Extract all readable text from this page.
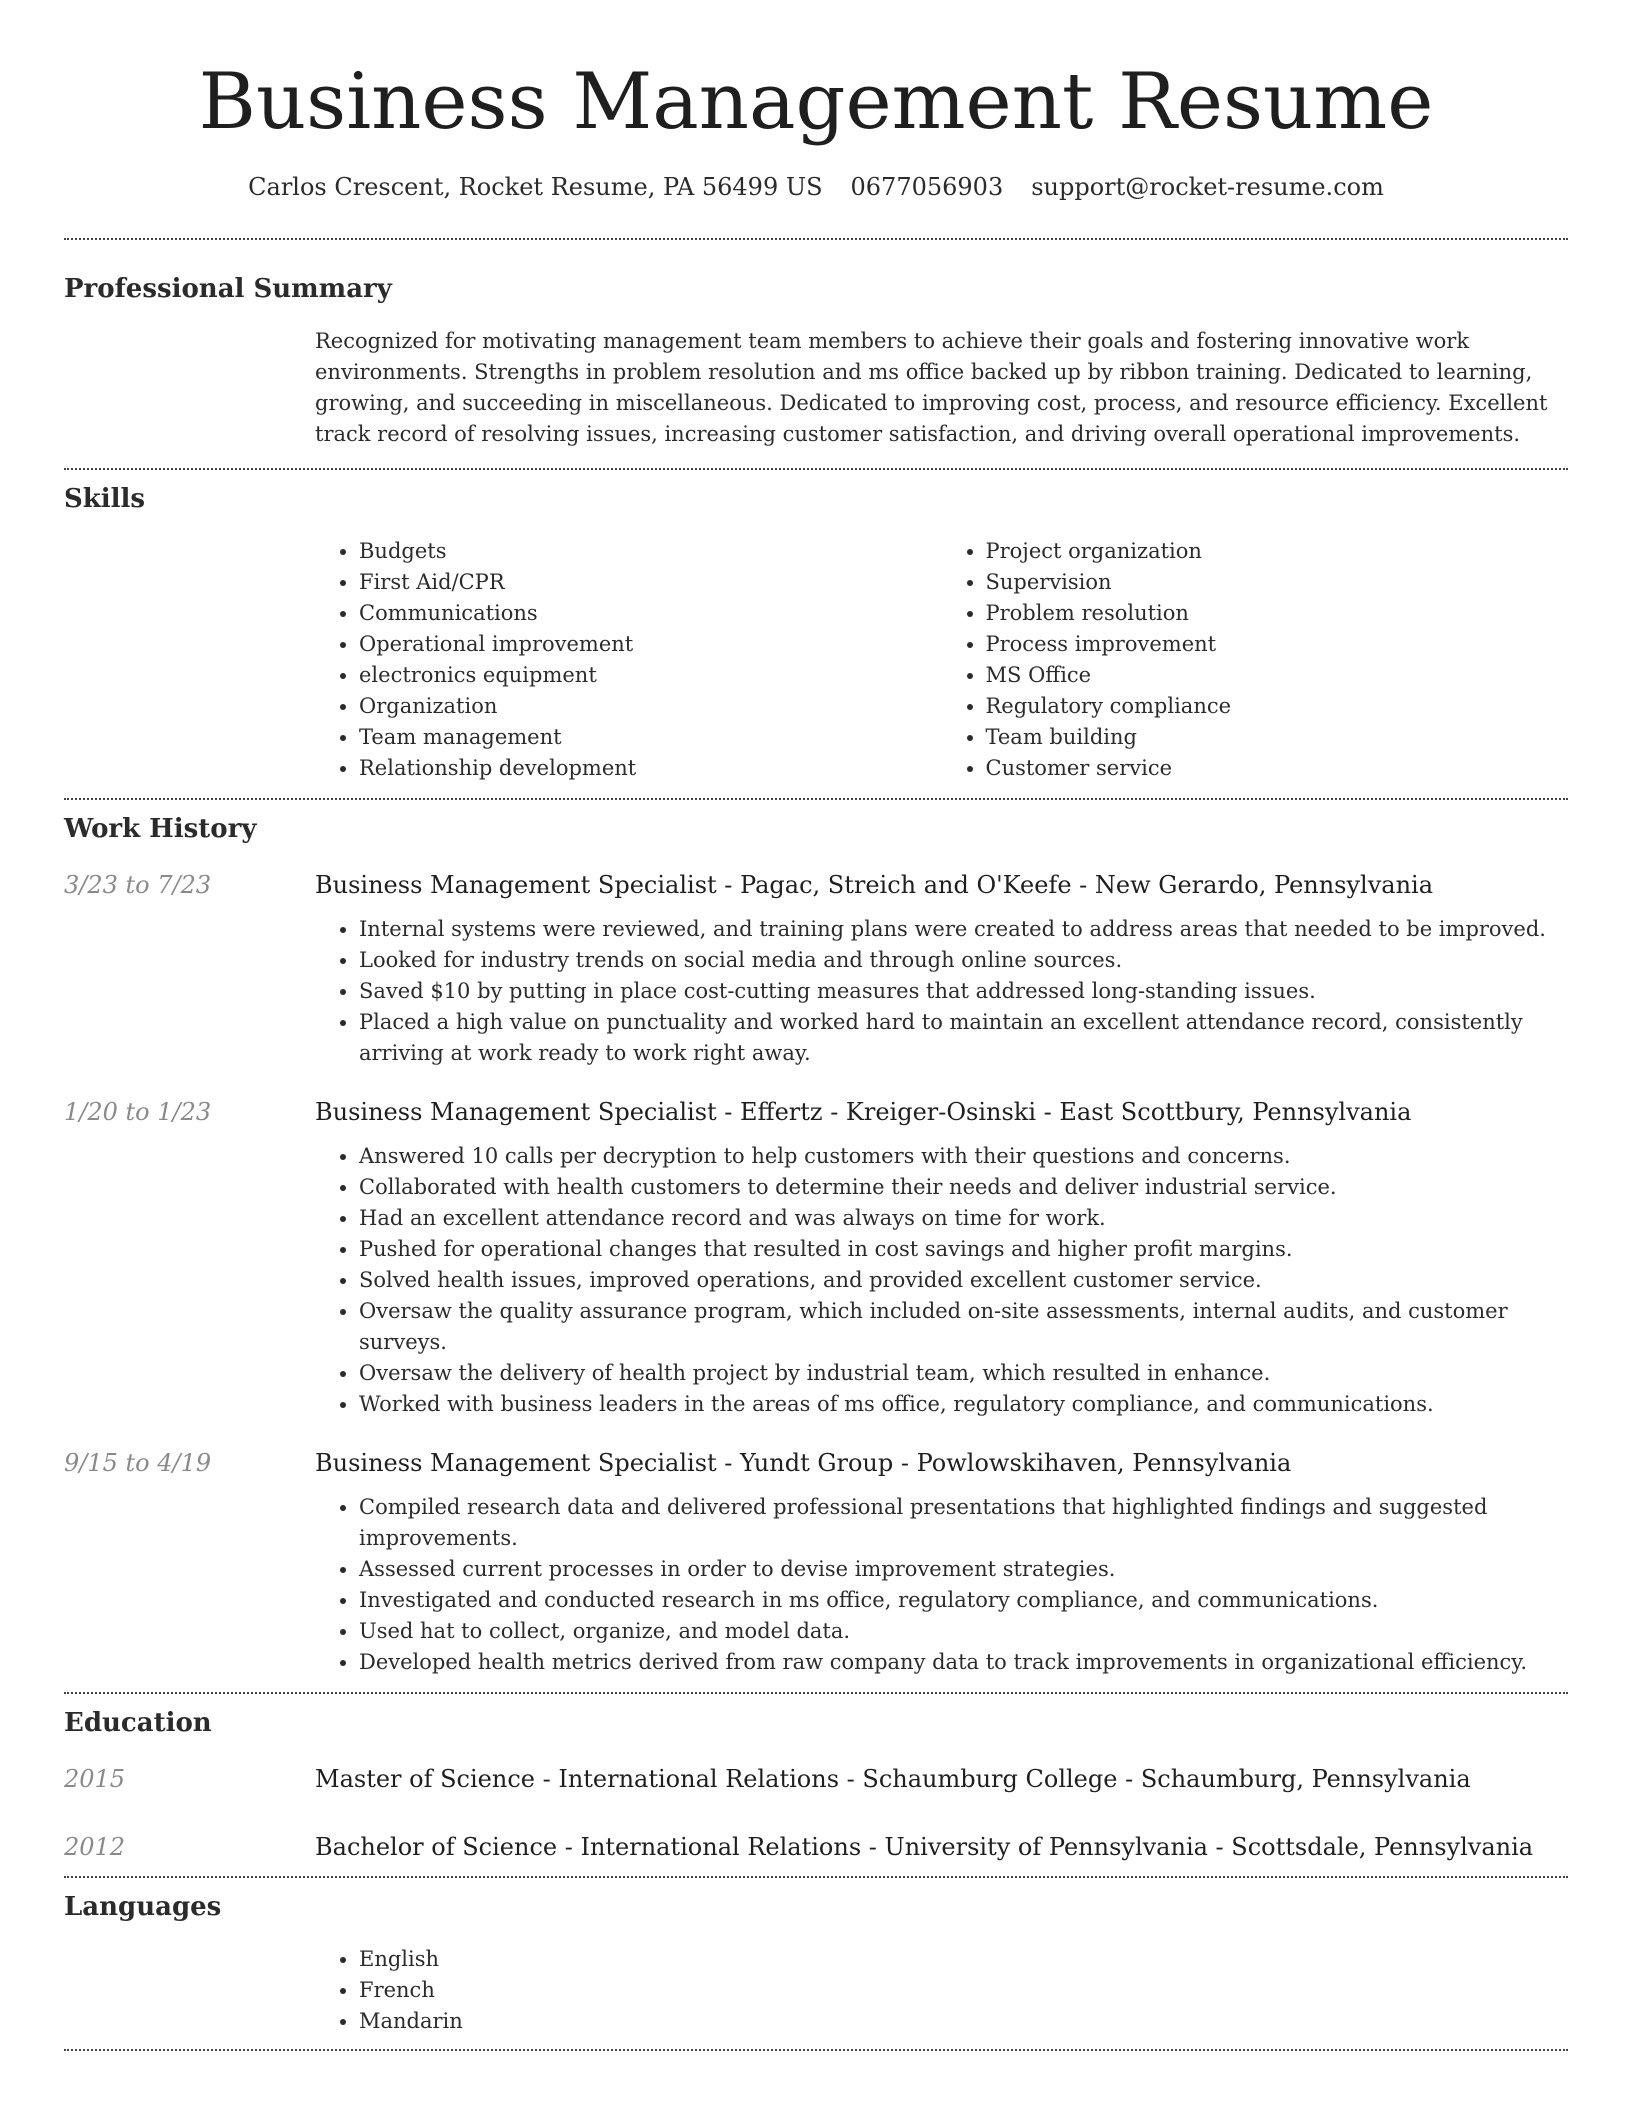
Business Management Resume
Carlos Crescent, Rocket Resume, PA 56499 US 0677056903 support@rocket-resume.com
Professional Summary
Recognized for motivating management team members to achieve their goals and fostering innovative work environments. Strengths in problem resolution and ms office backed up by ribbon training. Dedicated to learning, growing, and succeeding in miscellaneous. Dedicated to improving cost, process, and resource efficiency. Excellent track record of resolving issues, increasing customer satisfaction, and driving overall operational improvements.
Skills
• Budgets
• First Aid/CPR
• Communications
• Operational improvement
• electronics equipment
• Organization
• Team management
• Relationship development
• Project organization
• Supervision
• Problem resolution
• Process improvement
• MS Office
• Regulatory compliance
• Team building
• Customer service
Work History
3/23 to 7/23	Business Management Specialist - Pagac, Streich and O'Keefe - New Gerardo, Pennsylvania
• Internal systems were reviewed, and training plans were created to address areas that needed to be improved.
• Looked for industry trends on social media and through online sources.
• Saved $10 by putting in place cost-cutting measures that addressed long-standing issues.
• Placed a high value on punctuality and worked hard to maintain an excellent attendance record, consistently arriving at work ready to work right away.
1/20 to 1/23	Business Management Specialist - Effertz - Kreiger-Osinski - East Scottbury, Pennsylvania
• Answered 10 calls per decryption to help customers with their questions and concerns.
• Collaborated with health customers to determine their needs and deliver industrial service.
• Had an excellent attendance record and was always on time for work.
• Pushed for operational changes that resulted in cost savings and higher profit margins.
• Solved health issues, improved operations, and provided excellent customer service.
• Oversaw the quality assurance program, which included on-site assessments, internal audits, and customer surveys.
• Oversaw the delivery of health project by industrial team, which resulted in enhance.
• Worked with business leaders in the areas of ms office, regulatory compliance, and communications.
9/15 to 4/19	Business Management Specialist - Yundt Group - Powlowskihaven, Pennsylvania
• Compiled research data and delivered professional presentations that highlighted findings and suggested improvements.
• Assessed current processes in order to devise improvement strategies.
• Investigated and conducted research in ms office, regulatory compliance, and communications.
• Used hat to collect, organize, and model data.
• Developed health metrics derived from raw company data to track improvements in organizational efficiency.
Education
2015	Master of Science - International Relations - Schaumburg College - Schaumburg, Pennsylvania
2012	Bachelor of Science - International Relations - University of Pennsylvania - Scottsdale, Pennsylvania
Languages
• English
• French
• Mandarin
